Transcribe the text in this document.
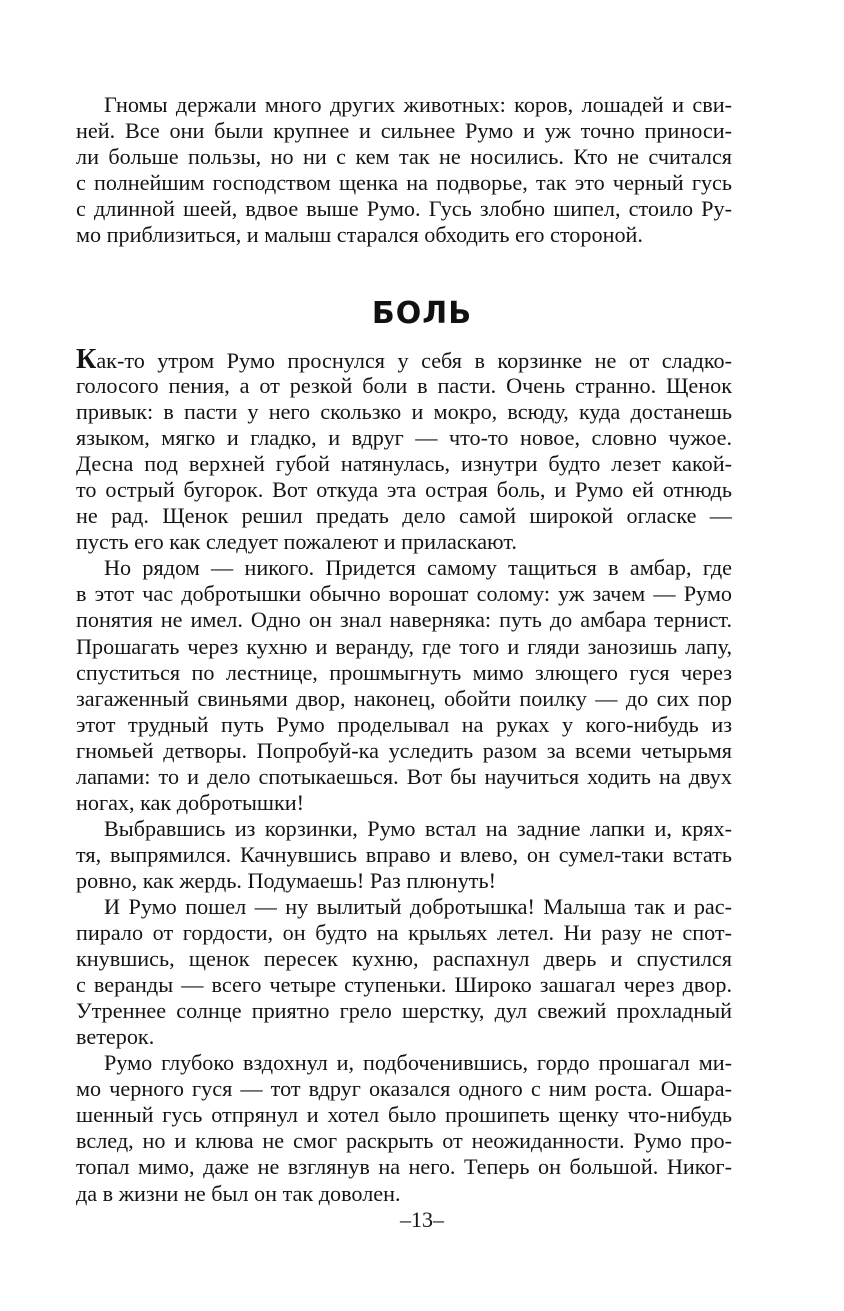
Гномы держали много других животных: коров, лошадей и сви-
ней. Все они были крупнее и сильнее Румо и уж точно приноси-
ли больше пользы, но ни с кем так не носились. Кто не считался
с полнейшим господством щенка на подворье, так это черный гусь
с длинной шеей, вдвое выше Румо. Гусь злобно шипел, стоило Ру-
мо приблизиться, и малыш старался обходить его стороной.
БОЛЬ
Как-то утром Румо проснулся у себя в корзинке не от сладко-
голосого пения, а от резкой боли в пасти. Очень странно. Щенок
привык: в пасти у него скользко и мокро, всюду, куда достанешь
языком, мягко и гладко, и вдруг — что-то новое, словно чужое.
Десна под верхней губой натянулась, изнутри будто лезет какой-
то острый бугорок. Вот откуда эта острая боль, и Румо ей отнюдь
не рад. Щенок решил предать дело самой широкой огласке —
пусть его как следует пожалеют и приласкают.
Но рядом — никого. Придется самому тащиться в амбар, где
в этот час добротышки обычно ворошат солому: уж зачем — Румо
понятия не имел. Одно он знал наверняка: путь до амбара тернист.
Прошагать через кухню и веранду, где того и гляди занозишь лапу,
спуститься по лестнице, прошмыгнуть мимо злющего гуся через
загаженный свиньями двор, наконец, обойти поилку — до сих пор
этот трудный путь Румо проделывал на руках у кого-нибудь из
гномьей детворы. Попробуй-ка уследить разом за всеми четырьмя
лапами: то и дело спотыкаешься. Вот бы научиться ходить на двух
ногах, как добротышки!
Выбравшись из корзинки, Румо встал на задние лапки и, крях-
тя, выпрямился. Качнувшись вправо и влево, он сумел-таки встать
ровно, как жердь. Подумаешь! Раз плюнуть!
И Румо пошел — ну вылитый добротышка! Малыша так и рас-
пирало от гордости, он будто на крыльях летел. Ни разу не спот-
кнувшись, щенок пересек кухню, распахнул дверь и спустился
с веранды — всего четыре ступеньки. Широко зашагал через двор.
Утреннее солнце приятно грело шерстку, дул свежий прохладный
ветерок.
Румо глубоко вздохнул и, подбоченившись, гордо прошагал ми-
мо черного гуся — тот вдруг оказался одного с ним роста. Ошара-
шенный гусь отпрянул и хотел было прошипеть щенку что-нибудь
вслед, но и клюва не смог раскрыть от неожиданности. Румо про-
топал мимо, даже не взглянув на него. Теперь он большой. Никог-
да в жизни не был он так доволен.
–13–
